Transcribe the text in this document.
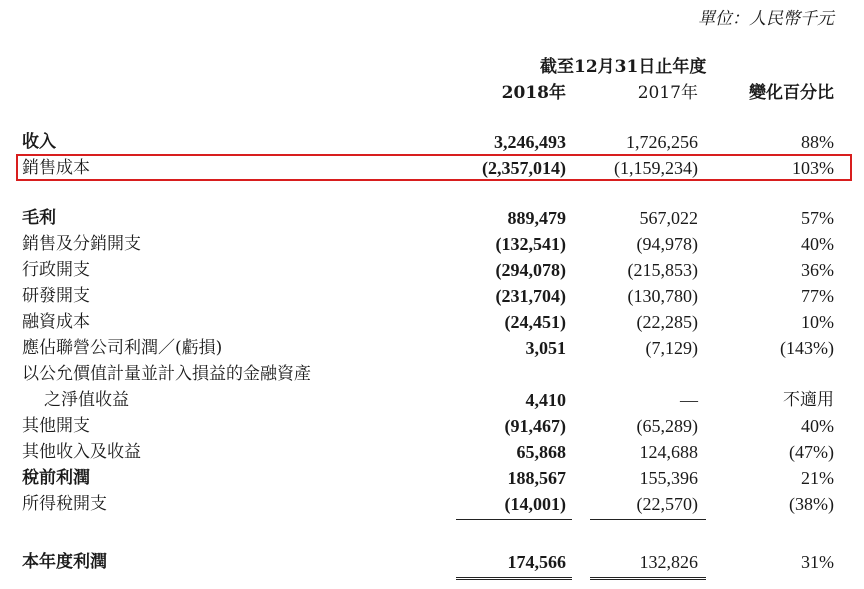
單位：人民幣千元
截至12月31日止年度
2018年	2017年	變化百分比
收入	3,246,493	1,726,256	88%
銷售成本	(2,357,014)	(1,159,234)	103%
毛利	889,479	567,022	57%
銷售及分銷開支	(132,541)	(94,978)	40%
行政開支	(294,078)	(215,853)	36%
研發開支	(231,704)	(130,780)	77%
融資成本	(24,451)	(22,285)	10%
應佔聯營公司利潤／(虧損)	3,051	(7,129)	(143%)
以公允價值計量並計入損益的金融資產
之淨值收益	4,410	—	不適用
其他開支	(91,467)	(65,289)	40%
其他收入及收益	65,868	124,688	(47%)
稅前利潤	188,567	155,396	21%
所得稅開支	(14,001)	(22,570)	(38%)
本年度利潤	174,566	132,826	31%
